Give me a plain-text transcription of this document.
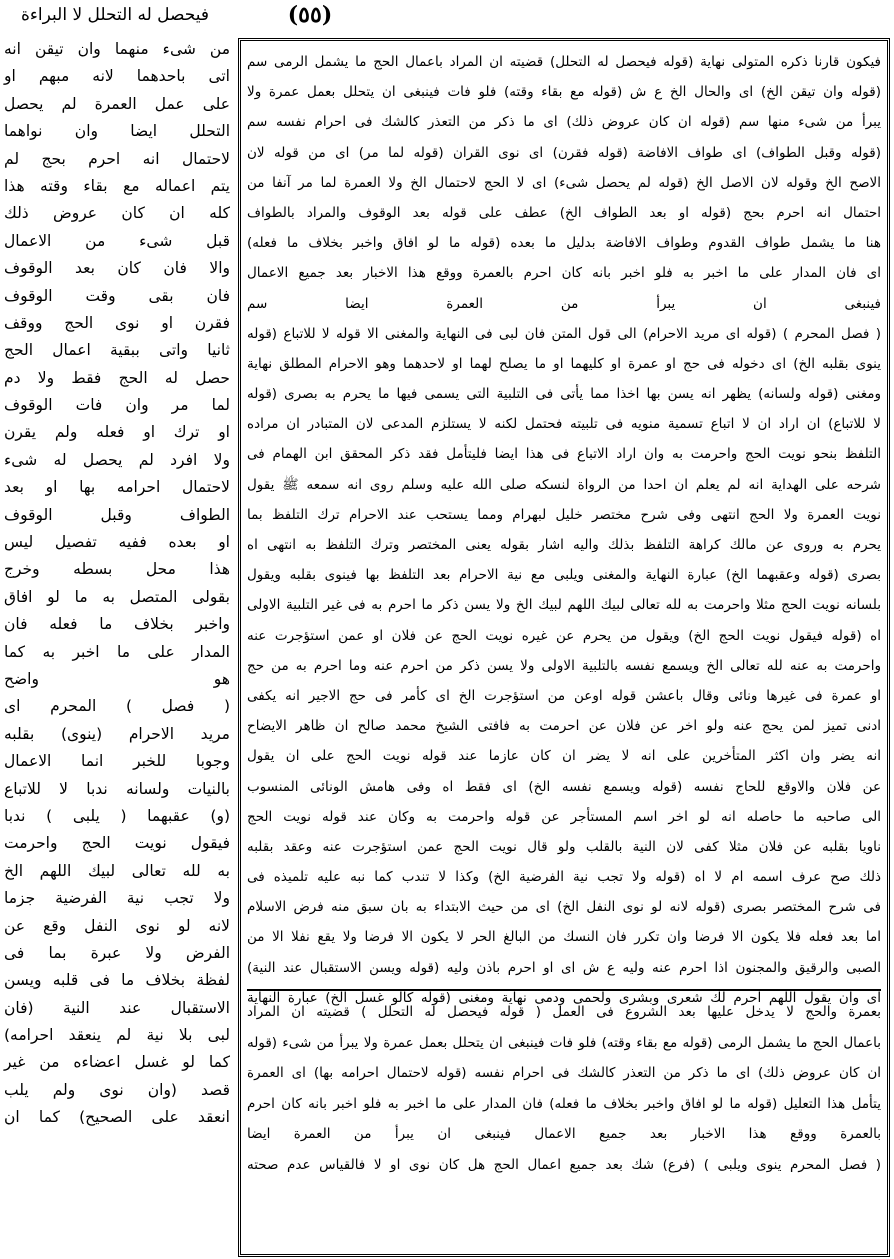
فيحصل له التحلل لا البراءة	(٥٥)
من شىء منهما وان تيقن انه
اتى باحدهما لانه مبهم او
على عمل العمرة لم يحصل
التحلل ايضا وان نواهما
لاحتمال انه احرم بحج لم
يتم اعماله مع بقاء وقته هذا
كله ان كان عروض ذلك
قبل شىء من الاعمال
والا فان كان بعد الوقوف
فان بقى وقت الوقوف
فقرن او نوى الحج ووقف
ثانيا واتى ببقية اعمال الحج
حصل له الحج فقط ولا دم
لما مر وان فات الوقوف
او ترك او فعله ولم يقرن
ولا افرد لم يحصل له شىء
لاحتمال احرامه بها او بعد
الطواف وقبل الوقوف
او بعده ففيه تفصيل ليس
هذا محل بسطه وخرج
بقولى المتصل به ما لو افاق
واخبر بخلاف ما فعله فان
المدار على ما اخبر به كما
هو واضح
( فصل ) المحرم اى
مريد الاحرام (ينوى) بقلبه
وجوبا للخبر انما الاعمال
بالنيات ولسانه ندبا لا للاتباع
(و) عقبهما ( يلبى ) ندبا
فيقول نويت الحج واحرمت
به لله تعالى لبيك اللهم الخ
ولا تجب نية الفرضية جزما
لانه لو نوى النفل وقع عن
الفرض ولا عبرة بما فى
لفظة بخلاف ما فى قلبه ويسن
الاستقبال عند النية (فان
لبى بلا نية لم ينعقد احرامه)
كما لو غسل اعضاءه من غير
قصد (وان نوى ولم يلب
انعقد على الصحيح) كما ان
فيكون قارنا ذكره المتولى نهاية (قوله فيحصل له التحلل) قضيته ان المراد باعمال الحج ما يشمل الرمى سم
(قوله وان تيقن الخ) اى والحال الخ ع ش (قوله مع بقاء وقته) فلو فات فينبغى ان يتحلل بعمل عمرة ولا
يبرأ من شىء منها سم (قوله ان كان عروض ذلك) اى ما ذكر من التعذر كالشك فى احرام نفسه سم
(قوله وقبل الطواف) اى طواف الافاضة (قوله فقرن) اى نوى القران (قوله لما مر) اى من قوله لان
الاصح الخ وقوله لان الاصل الخ (قوله لم يحصل شىء) اى لا الحج لاحتمال الخ ولا العمرة لما مر آنفا من
احتمال انه احرم بحج (قوله او بعد الطواف الخ) عطف على قوله بعد الوقوف والمراد بالطواف
هنا ما يشمل طواف القدوم وطواف الافاضة بدليل ما بعده (قوله ما لو افاق واخبر بخلاف ما فعله)
اى فان المدار على ما اخبر به فلو اخبر بانه كان احرم بالعمرة ووقع هذا الاخبار بعد جميع الاعمال
فينبغى ان يبرأ من العمرة ايضا سم
( فصل المحرم ) (قوله اى مريد الاحرام) الى قول المتن فان لبى فى النهاية والمغنى الا قوله لا للاتباع (قوله
ينوى بقلبه الخ) اى دخوله فى حج او عمرة او كليهما او ما يصلح لهما او لاحدهما وهو الاحرام المطلق نهاية
ومغنى (قوله ولسانه) يظهر انه يسن بها اخذا مما يأتى فى التلبية التى يسمى فيها ما يحرم به بصرى (قوله
لا للاتباع) ان اراد ان لا اتباع تسمية منويه فى تلبيته فحتمل لكنه لا يستلزم المدعى لان المتبادر ان مراده
التلفظ بنحو نويت الحج واحرمت به وان اراد الاتباع فى هذا ايضا فليتأمل فقد ذكر المحقق ابن الهمام فى
شرحه على الهداية انه لم يعلم ان احدا من الرواة لنسكه صلى الله عليه وسلم روى انه سمعه ﷺ يقول
نويت العمرة ولا الحج انتهى وفى شرح مختصر خليل لبهرام ومما يستحب عند الاحرام ترك التلفظ بما
يحرم به وروى عن مالك كراهة التلفظ بذلك واليه اشار بقوله يعنى المختصر وترك التلفظ به انتهى اه
بصرى (قوله وعقبهما الخ) عبارة النهاية والمغنى ويلبى مع نية الاحرام بعد التلفظ بها فينوى بقلبه ويقول
بلسانه نويت الحج مثلا واحرمت به لله تعالى لبيك اللهم لبيك الخ ولا يسن ذكر ما احرم به فى غير التلبية الاولى
اه (قوله فيقول نويت الحج الخ) ويقول من يحرم عن غيره نويت الحج عن فلان او عمن استؤجرت عنه
واحرمت به عنه لله تعالى الخ ويسمع نفسه بالتلبية الاولى ولا يسن ذكر من احرم عنه وما احرم به من حج
او عمرة فى غيرها ونائى وقال باعشن قوله اوعن من استؤجرت الخ اى كأمر فى حج الاجير انه يكفى
ادنى تميز لمن يحج عنه ولو اخر عن فلان عن احرمت به فافتى الشيخ محمد صالح ان ظاهر الايضاح
انه يضر وان اكثر المتأخرين على انه لا يضر ان كان عازما عند قوله نويت الحج على ان يقول
عن فلان والاوقع للحاج نفسه (قوله ويسمع نفسه الخ) اى فقط اه وفى هامش الونائى المنسوب
الى صاحبه ما حاصله انه لو اخر اسم المستأجر عن قوله واحرمت به وكان عند قوله نويت الحج
ناويا بقلبه عن فلان مثلا كفى لان النية بالقلب ولو قال نويت الحج عمن استؤجرت عنه وعقد بقلبه
ذلك صح عرف اسمه ام لا اه (قوله ولا تجب نية الفرضية الخ) وكذا لا تندب كما نبه عليه تلميذه فى
فى شرح المختصر بصرى (قوله لانه لو نوى النفل الخ) اى من حيث الابتداء به بان سبق منه فرض الاسلام
اما بعد فعله فلا يكون الا فرضا وان تكرر فان النسك من البالغ الحر لا يكون الا فرضا ولا يقع نفلا الا من
الصبى والرقيق والمجنون اذا احرم عنه وليه ع ش اى او احرم باذن وليه (قوله ويسن الاستقبال عند النية)
اى وان يقول اللهم احرم لك شعرى وبشرى ولحمى ودمى نهاية ومغنى (قوله كالو غسل الخ) عبارة النهاية
بعمرة والحج لا يدخل عليها بعد الشروع فى العمل ( قوله فيحصل له التحلل ) قضيته ان المراد
باعمال الحج ما يشمل الرمى (قوله مع بقاء وقته) فلو فات فينبغى ان يتحلل بعمل عمرة ولا يبرأ من شىء (قوله
ان كان عروض ذلك) اى ما ذكر من التعذر كالشك فى احرام نفسه (قوله لاحتمال احرامه بها) اى العمرة
يتأمل هذا التعليل (قوله ما لو افاق واخبر بخلاف ما فعله) فان المدار على ما اخبر به فلو اخبر بانه كان احرم
بالعمرة ووقع هذا الاخبار بعد جميع الاعمال فينبغى ان يبرأ من العمرة ايضا
( فصل المحرم ينوى ويلبى ) (فرع) شك بعد جميع اعمال الحج هل كان نوى او لا فالقياس عدم صحته
